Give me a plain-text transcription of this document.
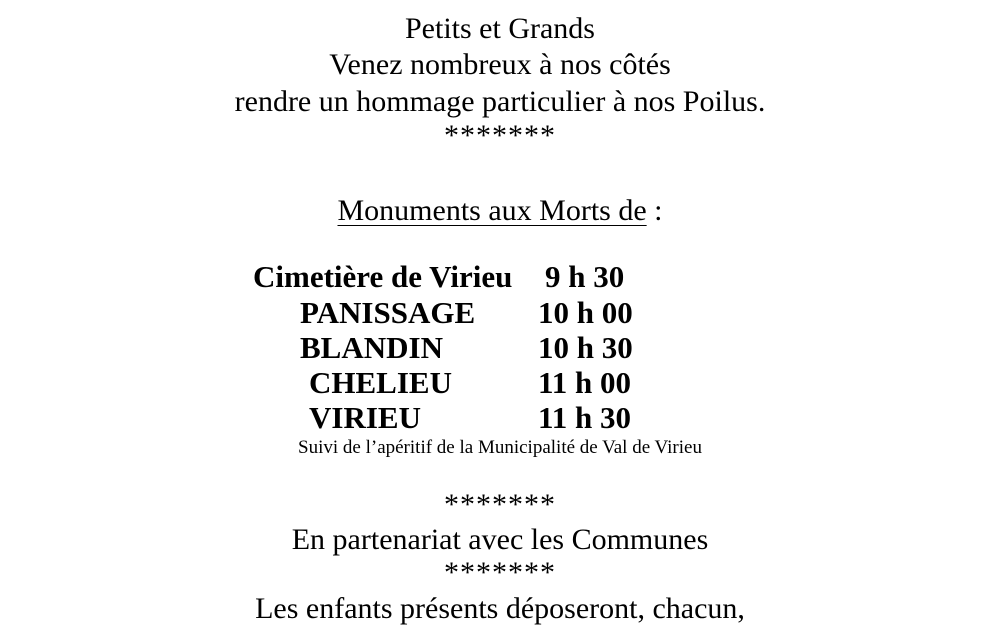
Petits et Grands
Venez nombreux à nos côtés
rendre un hommage particulier à nos Poilus.
*******
Monuments aux Morts de :
Cimetière de Virieu 9 h 30
PANISSAGE 10 h 00
BLANDIN	10 h 30
CHELIEU	11 h 00
VIRIEU	11 h 30
Suivi de l’apéritif de la Municipalité de Val de Virieu
*******
En partenariat avec les Communes
*******
Les enfants présents déposeront, chacun,
